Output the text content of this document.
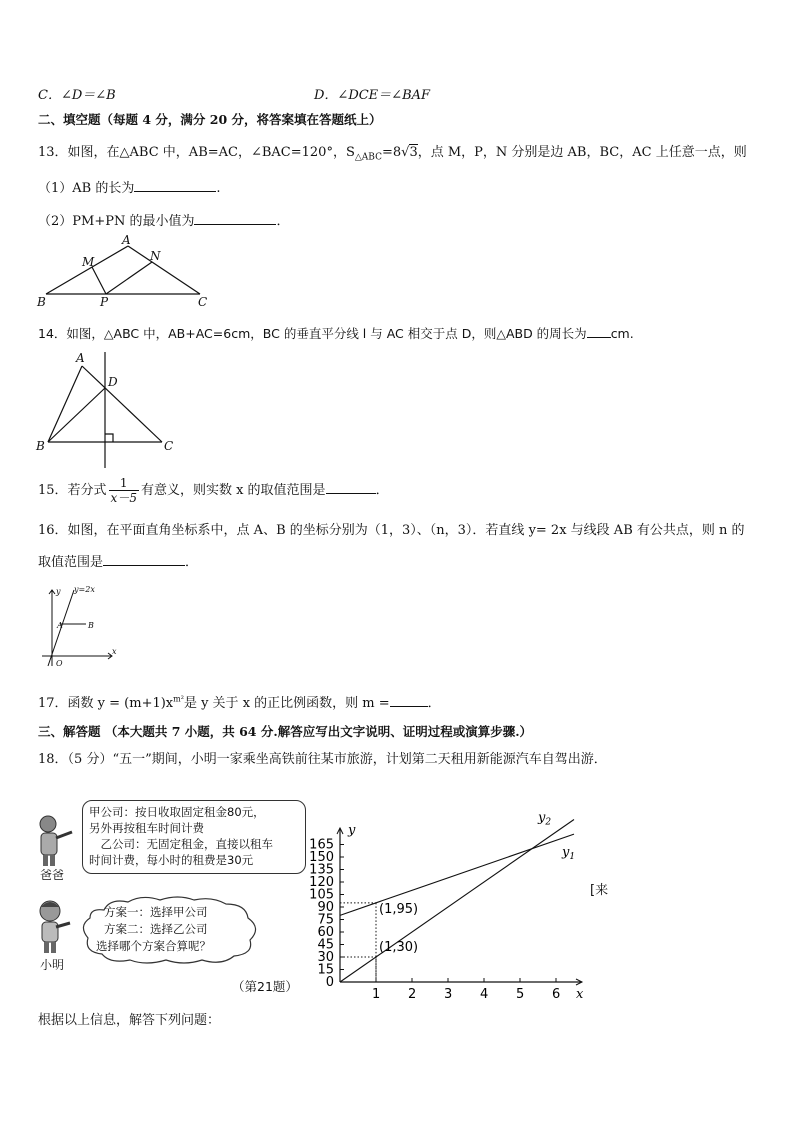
C．∠D＝∠B	D．∠DCE＝∠BAF
二、填空题（每题 4 分，满分 20 分，将答案填在答题纸上）
13．如图，在△ABC 中，AB=AC，∠BAC=120°，$S_{\triangle ABC}=8√3$，点 M，P，N 分别是边 AB，BC，AC 上任意一点，则
（1）AB 的长为	.
（2）PM+PN 的最小值为	．
A
M	N
B	P	C
14．如图，△ABC 中，AB+AC=6cm，BC 的垂直平分线 l 与 AC 相交于点 D，则△ABD 的周长为 cm.
A
D
B	C
15．若分式 $\frac{1}{x-5}$ 有意义，则实数 x 的取值范围是	．
16．如图，在平面直角坐标系中，点 A、B 的坐标分别为（1，3）、（n，3）．若直线 y= 2x 与线段 AB 有公共点，则 n 的
取值范围是	．
y y=2x
A	B
O
x
17．函数 $y = (m+1)x^{m^2}$是 y 关于 x 的正比例函数，则 m =	．
三、解答题 （本大题共 7 小题，共 64 分.解答应写出文字说明、证明过程或演算步骤.）
18．（5 分）“五一”期间，小明一家乘坐高铁前往某市旅游，计划第二天租用新能源汽车自驾出游．
爸爸
甲公司：按日收取固定租金80元，
另外再按租车时间计费
　乙公司：无固定租金，直接以租车
时间计费，每小时的租费是30元
小明
方案一：选择甲公司
方案二：选择乙公司
选择哪个方案合算呢？
（第21题）
[来
x
y
1 2 3 4 5 6
0
15
30
45
60
75
90
105
120
135
150
165
$y_1$
$y_2$
(1,95)
(1,30)
根据以上信息，解答下列问题：
